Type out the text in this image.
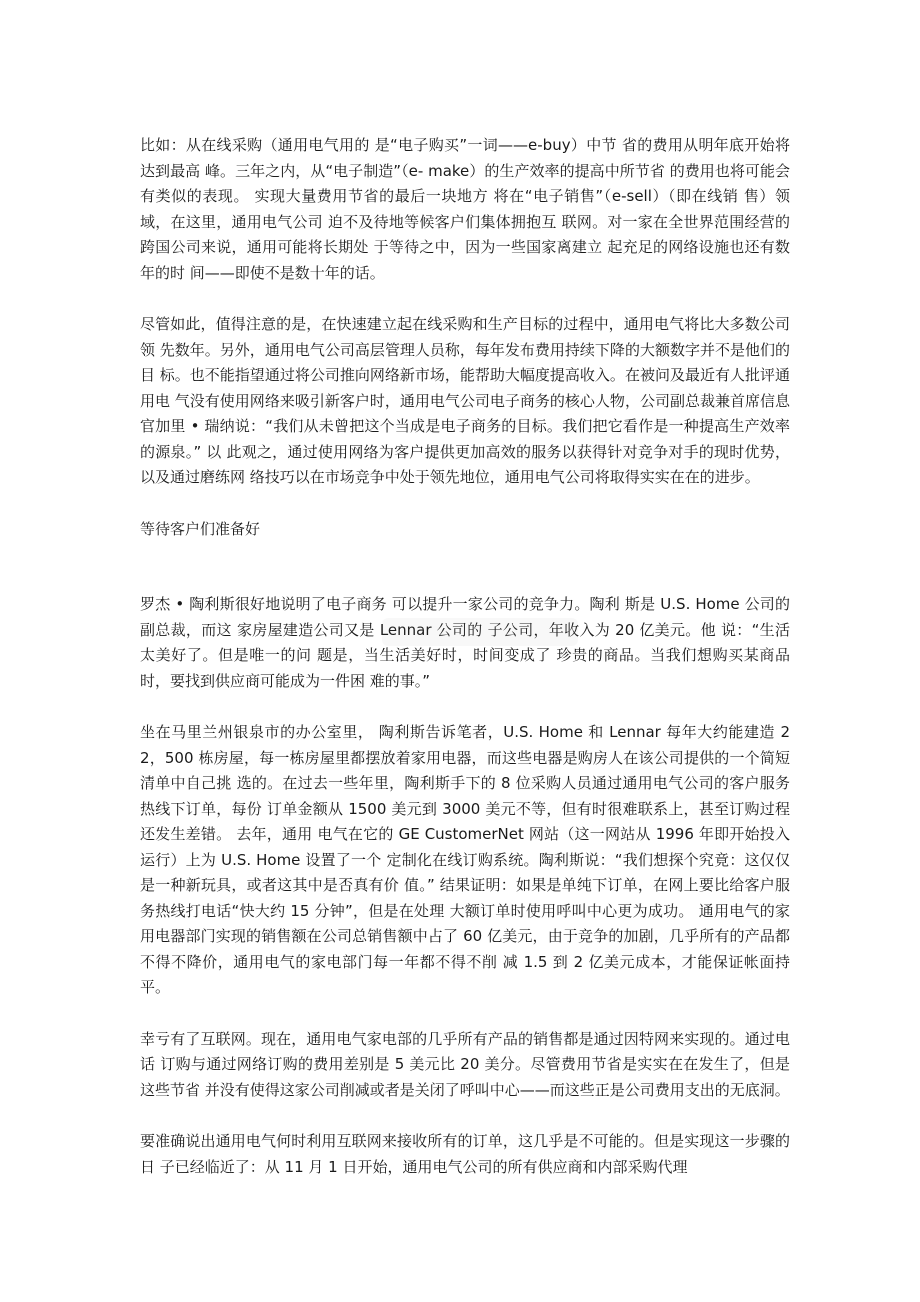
比如：从在线采购（通用电气用的 是“电子购买”一词——e-buy）中节 省的费用从明年底开始将达到最高 峰。三年之内，从“电子制造”（e- make）的生产效率的提高中所节省 的费用也将可能会有类似的表现。 实现大量费用节省的最后一块地方 将在“电子销售”（e-sell）（即在线销 售）领域，在这里，通用电气公司 迫不及待地等候客户们集体拥抱互 联网。对一家在全世界范围经营的 跨国公司来说，通用可能将长期处 于等待之中，因为一些国家离建立 起充足的网络设施也还有数年的时 间——即使不是数十年的话。

尽管如此，值得注意的是，在快速建立起在线采购和生产目标的过程中，通用电气将比大多数公司领 先数年。另外，通用电气公司高层管理人员称，每年发布费用持续下降的大额数字并不是他们的目 标。也不能指望通过将公司推向网络新市场，能帮助大幅度提高收入。在被问及最近有人批评通用电 气没有使用网络来吸引新客户时，通用电气公司电子商务的核心人物，公司副总裁兼首席信息官加里 • 瑞纳说：“我们从未曾把这个当成是电子商务的目标。我们把它看作是一种提高生产效率的源泉。” 以 此观之，通过使用网络为客户提供更加高效的服务以获得针对竞争对手的现时优势，以及通过磨练网 络技巧以在市场竞争中处于领先地位，通用电气公司将取得实实在在的进步。

等待客户们准备好

罗杰 • 陶利斯很好地说明了电子商务 可以提升一家公司的竞争力。陶利 斯是 U.S. Home 公司的副总裁，而这 家房屋建造公司又是 Lennar 公司的 子公司，年收入为 20 亿美元。他 说：“生活太美好了。但是唯一的问 题是，当生活美好时，时间变成了 珍贵的商品。当我们想购买某商品 时，要找到供应商可能成为一件困 难的事。”

坐在马里兰州银泉市的办公室里， 陶利斯告诉笔者，U.S. Home 和 Lennar 每年大约能建造 22，500 栋房屋，每一栋房屋里都摆放着家用电器，而这些电器是购房人在该公司提供的一个简短清单中自己挑 选的。在过去一些年里，陶利斯手下的 8 位采购人员通过通用电气公司的客户服务热线下订单，每份 订单金额从 1500 美元到 3000 美元不等，但有时很难联系上，甚至订购过程还发生差错。 去年，通用 电气在它的 GE CustomerNet 网站（这一网站从 1996 年即开始投入运行）上为 U.S. Home 设置了一个 定制化在线订购系统。陶利斯说：“我们想探个究竟：这仅仅是一种新玩具，或者这其中是否真有价 值。” 结果证明：如果是单纯下订单，在网上要比给客户服务热线打电话“快大约 15 分钟”，但是在处理 大额订单时使用呼叫中心更为成功。 通用电气的家用电器部门实现的销售额在公司总销售额中占了 60 亿美元，由于竞争的加剧，几乎所有的产品都不得不降价，通用电气的家电部门每一年都不得不削 减 1.5 到 2 亿美元成本，才能保证帐面持平。

幸亏有了互联网。现在，通用电气家电部的几乎所有产品的销售都是通过因特网来实现的。通过电话 订购与通过网络订购的费用差别是 5 美元比 20 美分。尽管费用节省是实实在在发生了，但是这些节省 并没有使得这家公司削减或者是关闭了呼叫中心——而这些正是公司费用支出的无底洞。

要准确说出通用电气何时利用互联网来接收所有的订单，这几乎是不可能的。但是实现这一步骤的日 子已经临近了：从 11 月 1 日开始，通用电气公司的所有供应商和内部采购代理
